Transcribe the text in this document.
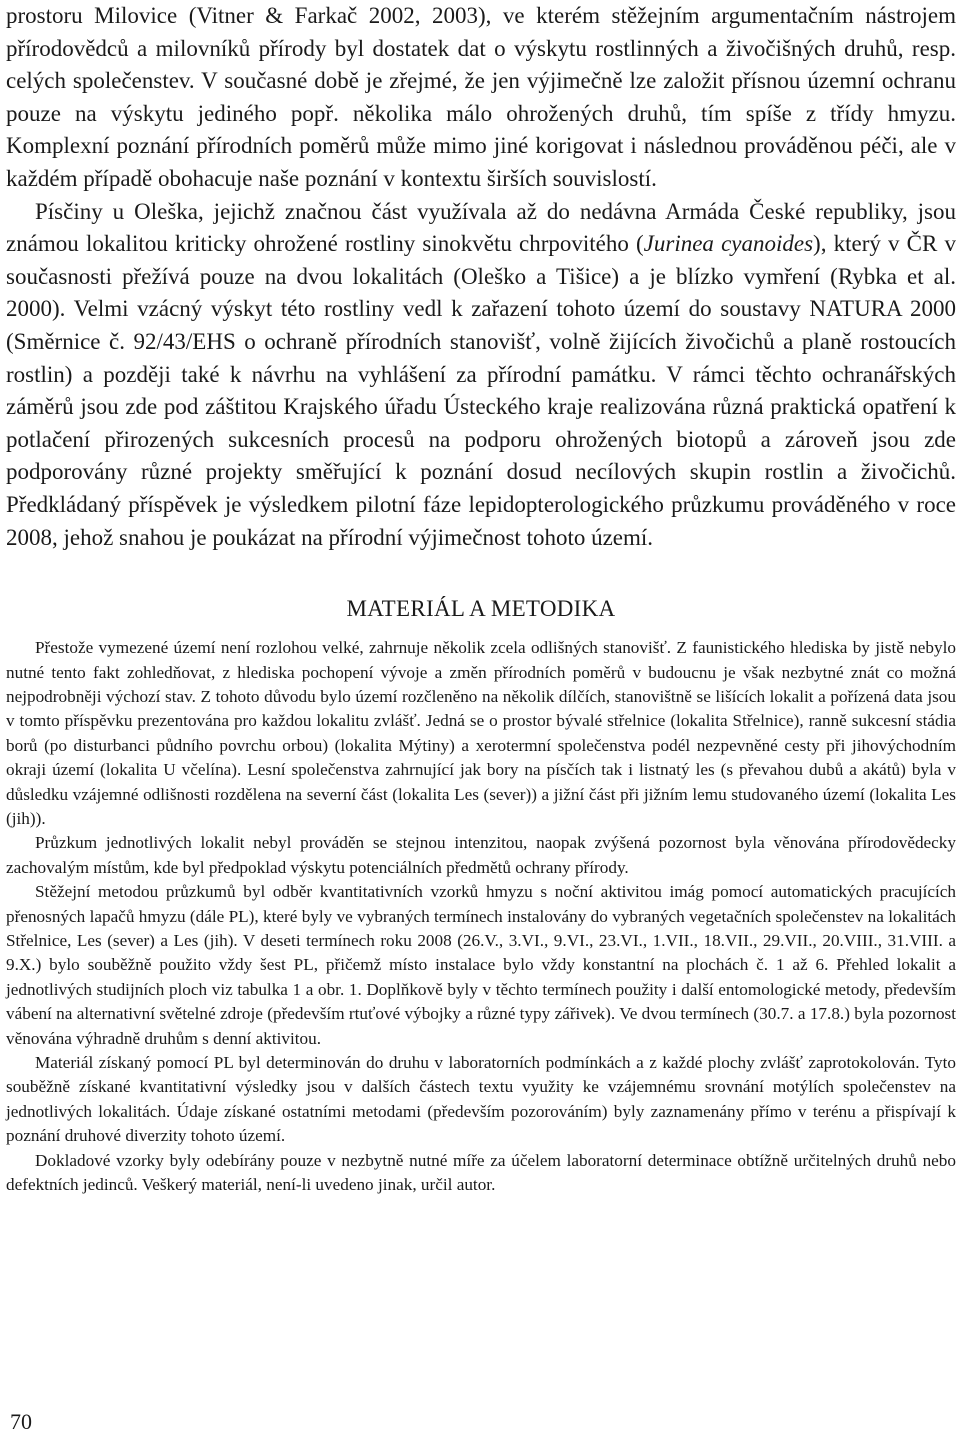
prostoru Milovice (Vitner & Farkač 2002, 2003), ve kterém stěžejním argumentačním nástrojem přírodovědců a milovníků přírody byl dostatek dat o výskytu rostlinných a živočišných druhů, resp. celých společenstev. V současné době je zřejmé, že jen výjimečně lze založit přísnou územní ochranu pouze na výskytu jediného popř. několika málo ohrožených druhů, tím spíše z třídy hmyzu. Komplexní poznání přírodních poměrů může mimo jiné korigovat i následnou prováděnou péči, ale v každém případě obohacuje naše poznání v kontextu širších souvislostí.

Písčiny u Oleška, jejichž značnou část využívala až do nedávna Armáda České republiky, jsou známou lokalitou kriticky ohrožené rostliny sinokvětu chrpovitého (Jurinea cyanoides), který v ČR v současnosti přežívá pouze na dvou lokalitách (Oleško a Tišice) a je blízko vymření (Rybka et al. 2000). Velmi vzácný výskyt této rostliny vedl k zařazení tohoto území do soustavy NATURA 2000 (Směrnice č. 92/43/EHS o ochraně přírodních stanovišť, volně žijících živočichů a planě rostoucích rostlin) a později také k návrhu na vyhlášení za přírodní památku. V rámci těchto ochranářských záměrů jsou zde pod záštitou Krajského úřadu Ústeckého kraje realizována různá praktická opatření k potlačení přirozených sukcesních procesů na podporu ohrožených biotopů a zároveň jsou zde podporovány různé projekty směřující k poznání dosud necílových skupin rostlin a živočichů. Předkládaný příspěvek je výsledkem pilotní fáze lepidopterologického průzkumu prováděného v roce 2008, jehož snahou je poukázat na přírodní výjimečnost tohoto území.

MATERIÁL A METODIKA

Přestože vymezené území není rozlohou velké, zahrnuje několik zcela odlišných stanovišť. Z faunistického hlediska by jistě nebylo nutné tento fakt zohledňovat, z hlediska pochopení vývoje a změn přírodních poměrů v budoucnu je však nezbytné znát co možná nejpodrobněji výchozí stav. Z tohoto důvodu bylo území rozčleněno na několik dílčích, stanovištně se lišících lokalit a pořízená data jsou v tomto příspěvku prezentována pro každou lokalitu zvlášť. Jedná se o prostor bývalé střelnice (lokalita Střelnice), ranně sukcesní stádia borů (po disturbanci půdního povrchu orbou) (lokalita Mýtiny) a xerotermní společenstva podél nezpevněné cesty při jihovýchodním okraji území (lokalita U včelína). Lesní společenstva zahrnující jak bory na písčích tak i listnatý les (s převahou dubů a akátů) byla v důsledku vzájemné odlišnosti rozdělena na severní část (lokalita Les (sever)) a jižní část při jižním lemu studovaného území (lokalita Les (jih)).

Průzkum jednotlivých lokalit nebyl prováděn se stejnou intenzitou, naopak zvýšená pozornost byla věnována přírodovědecky zachovalým místům, kde byl předpoklad výskytu potenciálních předmětů ochrany přírody.

Stěžejní metodou průzkumů byl odběr kvantitativních vzorků hmyzu s noční aktivitou imág pomocí automatických pracujících přenosných lapačů hmyzu (dále PL), které byly ve vybraných termínech instalovány do vybraných vegetačních společenstev na lokalitách Střelnice, Les (sever) a Les (jih). V deseti termínech roku 2008 (26.V., 3.VI., 9.VI., 23.VI., 1.VII., 18.VII., 29.VII., 20.VIII., 31.VIII. a 9.X.) bylo souběžně použito vždy šest PL, přičemž místo instalace bylo vždy konstantní na plochách č. 1 až 6. Přehled lokalit a jednotlivých studijních ploch viz tabulka 1 a obr. 1. Doplňkově byly v těchto termínech použity i další entomologické metody, především vábení na alternativní světelné zdroje (především rtuťové výbojky a různé typy zářivek). Ve dvou termínech (30.7. a 17.8.) byla pozornost věnována výhradně druhům s denní aktivitou.

Materiál získaný pomocí PL byl determinován do druhu v laboratorních podmínkách a z každé plochy zvlášť zaprotokolován. Tyto souběžně získané kvantitativní výsledky jsou v dalších částech textu využity ke vzájemnému srovnání motýlích společenstev na jednotlivých lokalitách. Údaje získané ostatními metodami (především pozorováním) byly zaznamenány přímo v terénu a přispívají k poznání druhové diverzity tohoto území.

Dokladové vzorky byly odebírány pouze v nezbytně nutné míře za účelem laboratorní determinace obtížně určitelných druhů nebo defektních jedinců. Veškerý materiál, není-li uvedeno jinak, určil autor.

70
